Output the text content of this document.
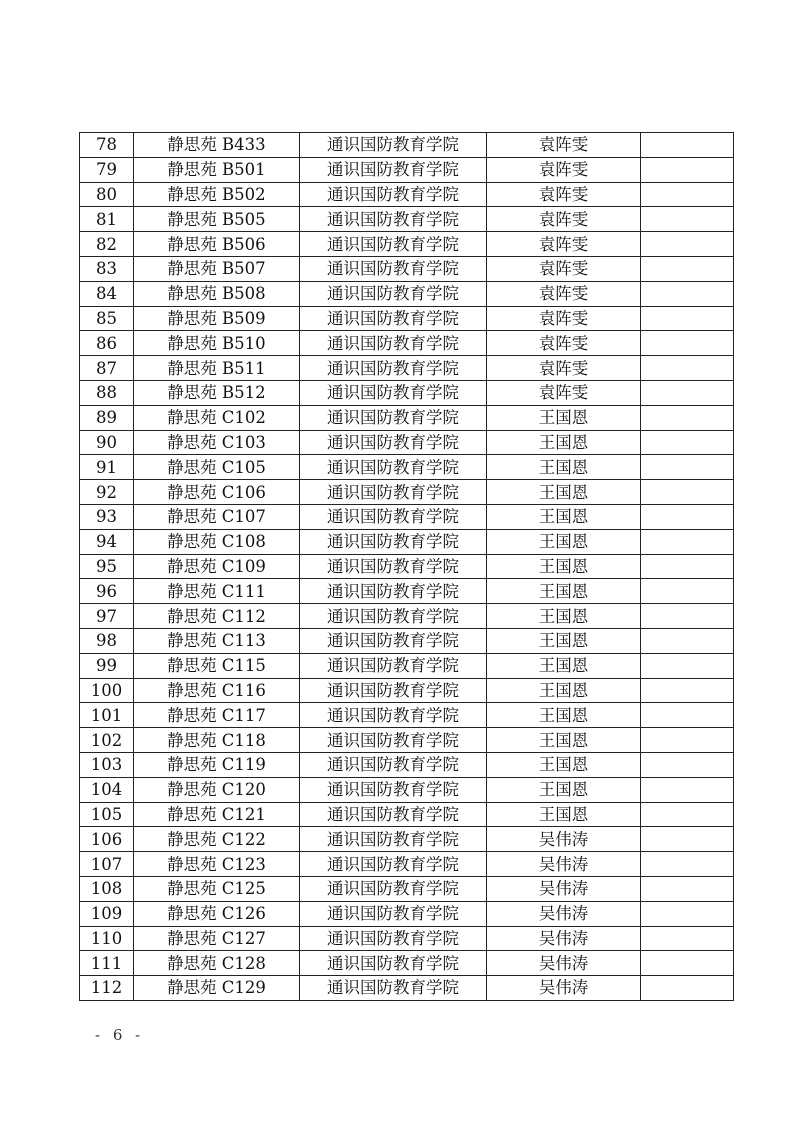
78	静思苑 B433	通识国防教育学院	袁阵雯	
79	静思苑 B501	通识国防教育学院	袁阵雯	
80	静思苑 B502	通识国防教育学院	袁阵雯	
81	静思苑 B505	通识国防教育学院	袁阵雯	
82	静思苑 B506	通识国防教育学院	袁阵雯	
83	静思苑 B507	通识国防教育学院	袁阵雯	
84	静思苑 B508	通识国防教育学院	袁阵雯	
85	静思苑 B509	通识国防教育学院	袁阵雯	
86	静思苑 B510	通识国防教育学院	袁阵雯	
87	静思苑 B511	通识国防教育学院	袁阵雯	
88	静思苑 B512	通识国防教育学院	袁阵雯	
89	静思苑 C102	通识国防教育学院	王国恩	
90	静思苑 C103	通识国防教育学院	王国恩	
91	静思苑 C105	通识国防教育学院	王国恩	
92	静思苑 C106	通识国防教育学院	王国恩	
93	静思苑 C107	通识国防教育学院	王国恩	
94	静思苑 C108	通识国防教育学院	王国恩	
95	静思苑 C109	通识国防教育学院	王国恩	
96	静思苑 C111	通识国防教育学院	王国恩	
97	静思苑 C112	通识国防教育学院	王国恩	
98	静思苑 C113	通识国防教育学院	王国恩	
99	静思苑 C115	通识国防教育学院	王国恩	
100	静思苑 C116	通识国防教育学院	王国恩	
101	静思苑 C117	通识国防教育学院	王国恩	
102	静思苑 C118	通识国防教育学院	王国恩	
103	静思苑 C119	通识国防教育学院	王国恩	
104	静思苑 C120	通识国防教育学院	王国恩	
105	静思苑 C121	通识国防教育学院	王国恩	
106	静思苑 C122	通识国防教育学院	吴伟涛	
107	静思苑 C123	通识国防教育学院	吴伟涛	
108	静思苑 C125	通识国防教育学院	吴伟涛	
109	静思苑 C126	通识国防教育学院	吴伟涛	
110	静思苑 C127	通识国防教育学院	吴伟涛	
111	静思苑 C128	通识国防教育学院	吴伟涛	
112	静思苑 C129	通识国防教育学院	吴伟涛	
- 6 -
